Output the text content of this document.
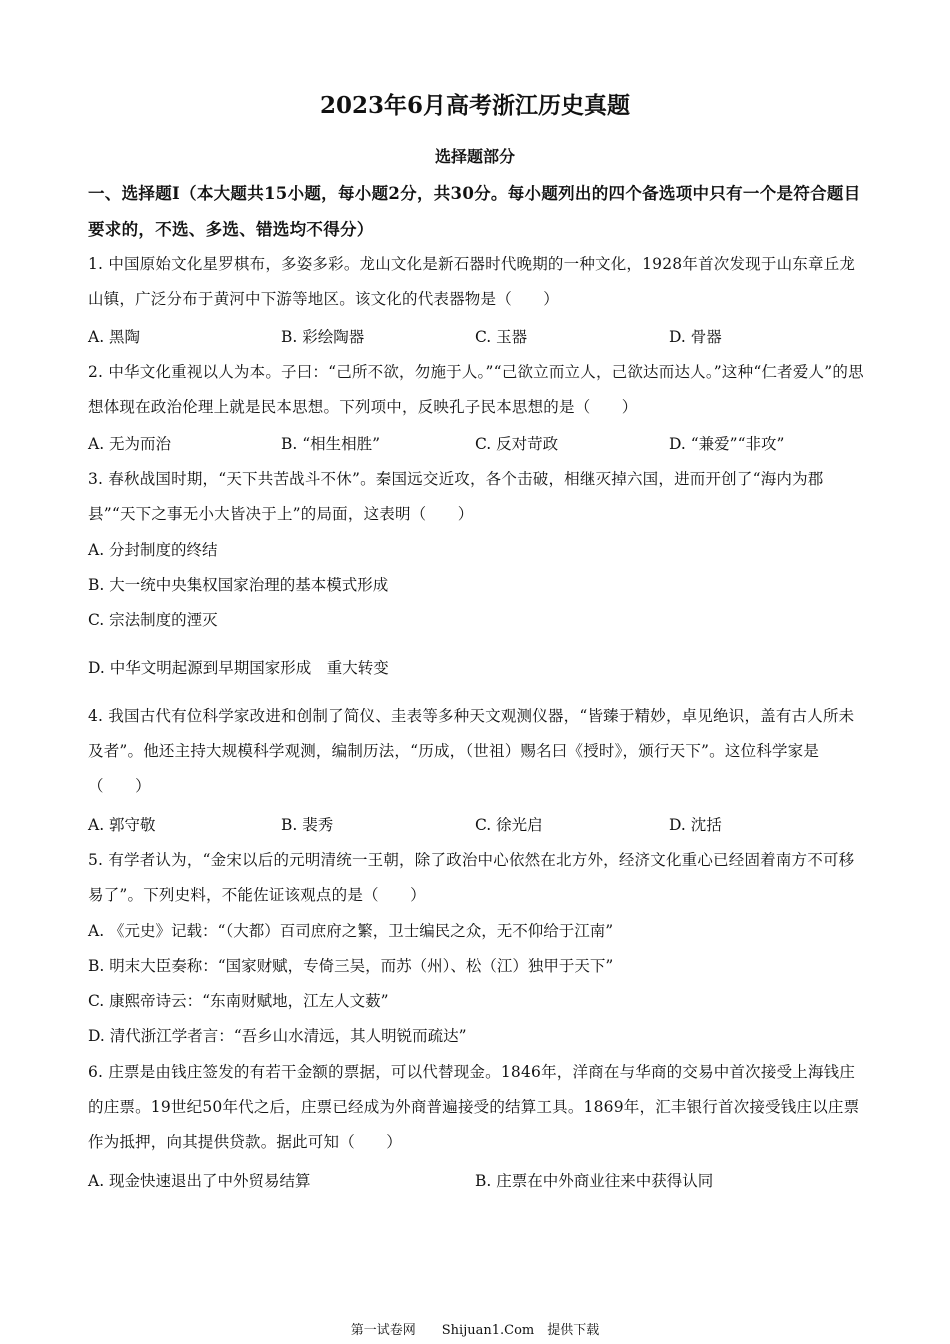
2023年6月高考浙江历史真题
选择题部分
一、选择题Ⅰ（本大题共15小题，每小题2分，共30分。每小题列出的四个备选项中只有一个是符合题目要求的，不选、多选、错选均不得分）
1. 中国原始文化星罗棋布，多姿多彩。龙山文化是新石器时代晚期的一种文化，1928年首次发现于山东章丘龙山镇，广泛分布于黄河中下游等地区。该文化的代表器物是（　　）
A. 黑陶	B. 彩绘陶器	C. 玉器	D. 骨器
2. 中华文化重视以人为本。子曰：“己所不欲，勿施于人。”“己欲立而立人，己欲达而达人。”这种“仁者爱人”的思想体现在政治伦理上就是民本思想。下列项中，反映孔子民本思想的是（　　）
A. 无为而治	B. “相生相胜”	C. 反对苛政	D. “兼爱”“非攻”
3. 春秋战国时期，“天下共苦战斗不休”。秦国远交近攻，各个击破，相继灭掉六国，进而开创了“海内为郡县”“天下之事无小大皆决于上”的局面，这表明（　　）
A. 分封制度的终结
B. 大一统中央集权国家治理的基本模式形成
C. 宗法制度的湮灭
D. 中华文明起源到早期国家形成　重大转变
4. 我国古代有位科学家改进和创制了简仪、圭表等多种天文观测仪器，“皆臻于精妙，卓见绝识，盖有古人所未及者”。他还主持大规模科学观测，编制历法，“历成，（世祖）赐名曰《授时》，颁行天下”。这位科学家是（　　）
A. 郭守敬	B. 裴秀	C. 徐光启	D. 沈括
5. 有学者认为，“金宋以后的元明清统一王朝，除了政治中心依然在北方外，经济文化重心已经固着南方不可移易了”。下列史料，不能佐证该观点的是（　　）
A. 《元史》记载：“（大都）百司庶府之繁，卫士编民之众，无不仰给于江南”
B. 明末大臣奏称：“国家财赋，专倚三吴，而苏（州）、松（江）独甲于天下”
C. 康熙帝诗云：“东南财赋地，江左人文薮”
D. 清代浙江学者言：“吾乡山水清远，其人明锐而疏达”
6. 庄票是由钱庄签发的有若干金额的票据，可以代替现金。1846年，洋商在与华商的交易中首次接受上海钱庄的庄票。19世纪50年代之后，庄票已经成为外商普遍接受的结算工具。1869年，汇丰银行首次接受钱庄以庄票作为抵押，向其提供贷款。据此可知（　　）
A. 现金快速退出了中外贸易结算	B. 庄票在中外商业往来中获得认同
第一试卷网　　Shijuan1.Com　提供下载
